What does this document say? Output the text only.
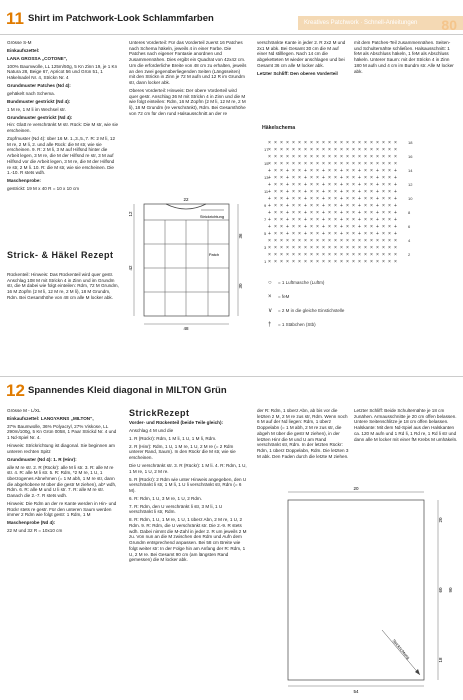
11 Shirt im Patchwork-Look Schlammfarben	Kreatives Patchwork · Schnell-Anleitungen 80

Grösse S-M

Einkaufszettel:

LANA GROSSA „COTONE“,

100% Baumwolle, LL 125m/50g, 5 Kn Zinn 19, je 1 Kn Natura 28, Beige 67, Apricot 56 und Grün 51, 1 Häkelnadel Nr. 4, Strickn Nr. 4

Grundmuster Patches (Nd 4):

gehäkelt nach Schema.

Bundmuster gestrickt (Nd 4):

1 M re, 1 M li im Wechsel str.

Grundmuster gestrickt (Nd 4):

Hin: Glatt re verschränkt M str. Rück: Die M str, wie sie erscheinen.

Zopfmuster (Nd 4): über 16 M. 1.,3.,5.,7. R: 2 M li, 12 M re, 2 M li, 2. und alle Rück: die M str, wie sie erscheinen. 9. R: 2 M li, 3 M auf Hilfsnd hinter die Arbeit legen, 3 M re, die M der Hilfsnd re str, 3 M auf Hilfsnd vor die Arbeit legen, 3 M re, die M der Hilfsnd re str, 2 M li. 10. R: die M str, wie sie erscheinen. Die 1.-10. R stets wdh.

Maschenprobe:

gestrickt: 19 M x 40 R = 10 x 10 cm

Strick- & Häkel Rezept

Rückenteil: Hinweis: Das Rückenteil wird quer gestr. Anschlag 108 M mit Strickn 4 in Zinn und im Grundm str, die M dabei wie folgt einteilen: Rdm, 72 M Grundm, 16 M Zopfm (2 M li, 12 M re, 2 M li), 18 M Grundm, Rdm. Bei Gesamthöhe von 48 cm alle M locker abk.

Unteres Vorderteil: Für das Vorderteil zuerst 16 Patches nach Schema häkeln, jeweils 4 in einer Farbe. Die Patches nach eigener Fantasie anordnen und zusammennähen. Dies ergibt ein Quadrat von 42x42 cm. Um die erforderliche Breite von 48 cm zu erhalten, jeweils an den zwei gegenüberliegenden Seiten (Längsseiten) mit den Strickn in Zinn je 72 M aufn und 12 R im Grundm str, dann locker abk.

Oberes Vorderteil: Hinweis: Der obere Vorderteil wird quer gestr. Anschlag 36 M mit Strickn 4 in Zinn und die M wie folgt einteilen: Rdm, 16 M Zopfm (2 M li, 12 M re, 2 M li), 18 M Grundm (re verschränkt), Rdm. Bei Gesamthöhe von 72 cm für den rund Halsausschnitt an der re

verschränkte Kante in jeder 2. R 2x2 M und 2x1 M abk. Bei Gesamt 30 cm die M auf einer Nd stilllegen. Nach 14 cm die abgeketteten M wieder anschlagen und bei Gesamt 36 cm alle M locker abk.

Letzter Schliff: Den oberen Vorderteil

mit dem Patches-Teil zusammennähen. Seiten- und Schulternähte schließen. Halsausschnitt: 1 feM als Abschluss häkeln, 1 feM als Abschluss häkeln. Unterer Saum: mit der Strickn 4 in Zinn 180 M aufn und 4 cm im Bundm str. Alle M locker abk.

Strickrichtung
Patch
12
42
36
30
48
22
Häkelschema
× × × × × × × × × × × × × × × × × × × × × ×	18
× × × × × × × × × × × × × × × × × × × × × ×
17
× × × × × × × × × × × × × × × × × × × × × ×	16
× × × × × × × × × × × × × × × × × × × × × ×
15
+ × × + × × + × × + × × + × × + × × + × × +	14
+ × × + × × + × × + × × + × × + × × + × × +
13
+ × × + × × + × × + × × + × × + × × + × × +	12
+ × × + × × + × × + × × + × × + × × + × × +
11
+ × × + × × + × × + × × + × × + × × + × × +	10
+ × × + × × + × × + × × + × × + × × + × × +
9
+ × × + × × + × × + × × + × × + × × + × × +	8
+ × × + × × + × × + × × + × × + × × + × × +
7
+ × × + × × + × × + × × + × × + × × + × × +	6
+ × × + × × + × × + × × + × × + × × + × × +
5
× × × × × × × × × × × × × × × × × × × × × ×	4
× × × × × × × × × × × × × × × × × × × × × ×
3
× × × × × × × × × × × × × × × × × × × × × ×	2
× × × × × × × × × × × × × × × × × × × × × ×
1
○ = 1 Luftmasche (Luftm)
× = feM
∨ = 2 M in die gleiche Einstichstelle
† = 1 Stäbchen (Stb)
12 Spannendes Kleid diagonal in MILTON Grün

Grösse M - L/XL

Einkaufszettel: LANGYARNS „MILTON“,

37% Baumwolle, 36% Polyacryl, 27% Viskose, LL 290m/100g, 5 Kn Grün 0058, 1 Paar Strickd Nr. 4 und 1 Nd-Spiel Nr. 4.

Hinweis: Strickrichtung ist diagonal. Sie beginnen am unteren rechten Spitz

Grundmuster (Nd 4): 1. R (Hinr):

alle M re str. 2. R (Rückr): alle M li str. 3. R: alle M re str. 4. R: alle M li str. 5. R: Rdm, *2 M re, 1 U, 1 überzogenes Abnehmen (= 1 M abh, 1 M re str, dann die abgehobene M über die gestr M ziehen), ab* wdh, Rdm. 6. R: alle M und U li str. 7. R: alle M re str. Danach die 2.-7. R stets wdh.

Hinweis: Die Rdm an der re Kante werden in Hin- und Rückr stets re gestr. Für den unteren Saum werden immer 2 Rdm wie folgt gestr: 1 Rdm, 1 M

Maschenprobe (Nd 4):

22 M und 32 R = 10x10 cm

StrickRezept

Vorder- und Rückenteil (beide Teile gleich):

Anschlag 4 M und die

1. R (Rückr): Rdm, 1 M li, 1 U, 1 M li, Rdm.

2. R (Hinr): Rdm, 1 U, 1 M re, 1 U, 2 M re (= 2 Rdm unterer Rand, Saum). In den Rückr die M str, wie sie erscheinen.

Die U verschränkt str. 3. R (Rückr): 1 M li. 4. R: Rdm, 1 U, 1 M re, 1 U, 2 M re.

5. R (Rückr): 2 Rdm wie unter Hinweis angegeben, den U verschränkt li str, 1 M li, 1 U li verschränkt str, Rdm (= 6 M).

6. R: Rdm, 1 U, 3 M re, 1 U, 2 Rdm.

7. R: Rdm, den U verschränkt li str, 3 M li, 1 U verschränkt li str, Rdm.

8. R: Rdm, 1 U, 1 M re, 1 U, 1 überz Abn, 2 M re, 1 U, 2 Rdm. 9. R: Rdm, die U verschränkt str. Die 2.-9. R stets wdh. Dabei nimmt die M-Zahl in jeder 2. R um jeweils 2 M zu. Von nun an die M zwischen den Rdm und Aufn dem Grundm entsprechend anpassen. Bei 58 cm Breite wie folgt weiter str: In der Folge hin am Anfang der R: Rdm, 1 U, 2 M re. Bei Gesamt 90 cm (am längsten Rand gemessen) die M locker abk.

der R: Rdm, 1 überz Abn, ab bis vor die letzten 2 M, 2 M re zus str, Rdm. Wenn noch 6 M auf der Nd liegen: Rdm, 1 überz Doppelabn (= 1 M abh, 2 M re zus str, die abgeh M über die gestr M ziehen), in der letzten Hinr die M und U am Rand verschränkt str, Rdm. In der letzten Rückr: Rdm, 1 überz Doppelabn, Rdm. Die letzten 3 M abk. Den Faden durch die letzte M ziehen.

Letzter Schliff: Beide Schulternähte je 18 cm zunähen. Armausschnitte je 20 cm offen belassen. Untere Seitenschlitze je 18 cm offen belassen. Halskante: Mit dem Nd-Spiel aus den Halskanten ca. 120 M aufn und 1 Rd li, 1 Rd re, 1 Rd li str und dann alle M locker mit einer fM Krebs M umhäkeln.

20
20
60
18
90
Strickrichtung
54
